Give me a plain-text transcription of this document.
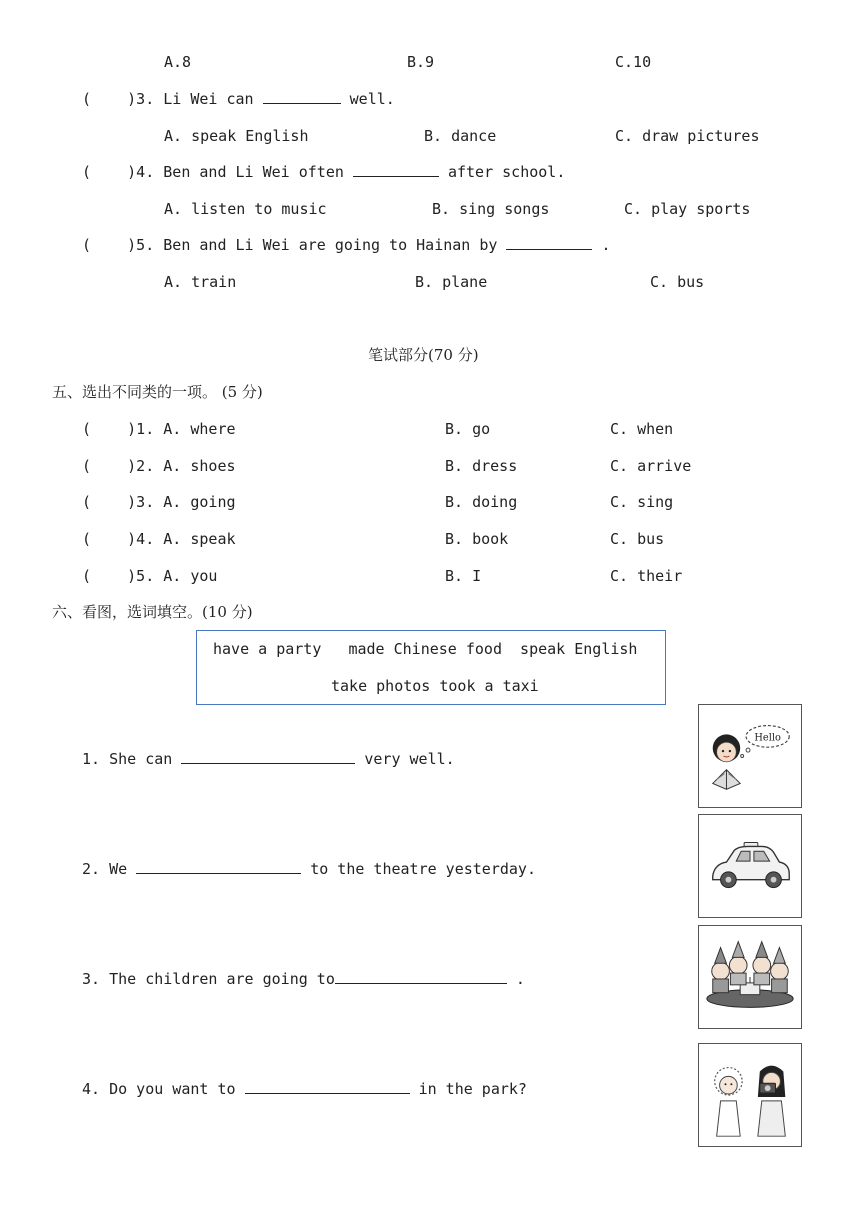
A.8	B.9	C.10
(    )3. Li Wei can	well.
A. speak English	B. dance	C. draw pictures
(    )4. Ben and Li Wei often	after school.
A. listen to music	B. sing songs	C. play sports
(    )5. Ben and Li Wei are going to Hainan by	.
A. train	B. plane	C. bus
笔试部分(70 分)
五、选出不同类的一项。 (5 分)
(    )1. A. where	B. go	C. when
(    )2. A. shoes	B. dress	C. arrive
(    )3. A. going	B. doing	C. sing
(    )4. A. speak	B. book	C. bus
(    )5. A. you	B. I	C. their
六、看图，选词填空。(10 分)
have a party   made Chinese food  speak English
take photos took a taxi
1. She can	very well.
2. We	to the theatre yesterday.
3. The children are going to	.
4. Do you want to	in the park?
Hello
